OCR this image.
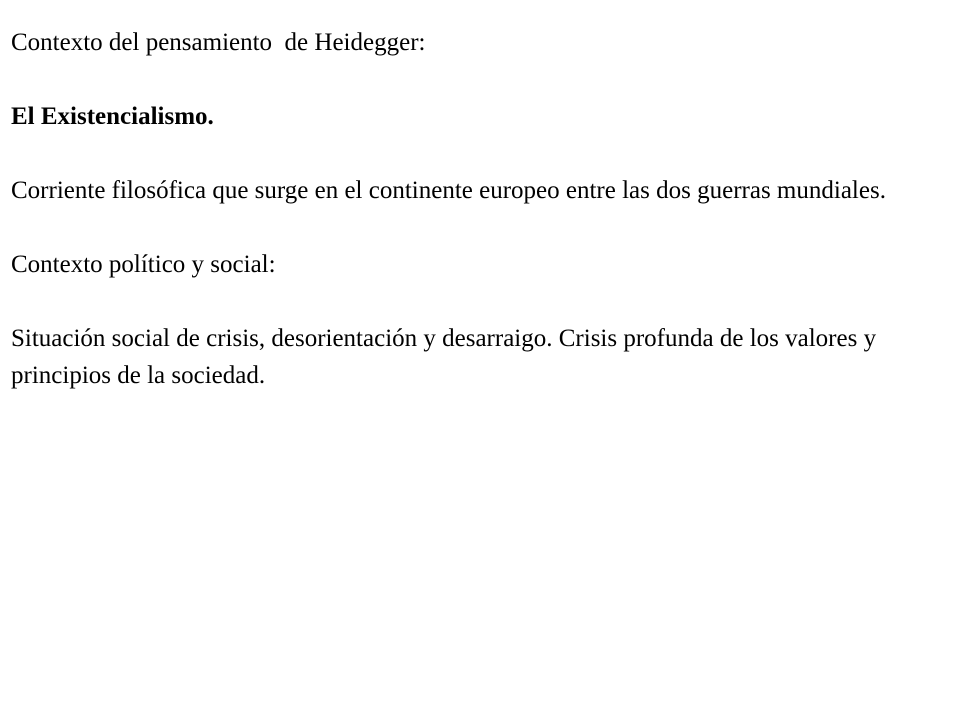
Contexto del pensamiento  de Heidegger:

El Existencialismo.

Corriente filosófica que surge en el continente europeo entre las dos guerras mundiales.

Contexto político y social:

Situación social de crisis, desorientación y desarraigo. Crisis profunda de los valores y principios de la sociedad.
